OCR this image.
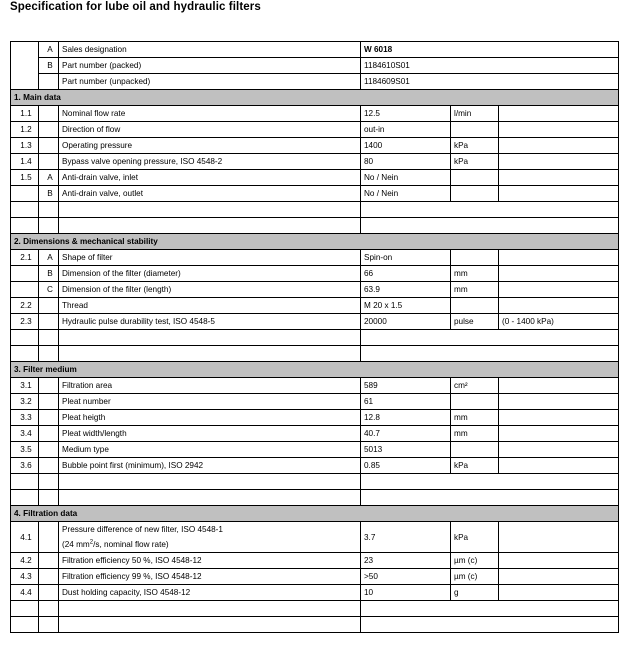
Specification for lube oil and hydraulic filters
	A	Sales designation	W 6018		
	B	Part number (packed)	1184610S01		
		Part number (unpacked)	1184609S01		
1. Main data					
1.1		Nominal flow rate	12.5	l/min	
1.2		Direction of flow	out-in		
1.3		Operating pressure	1400	kPa	
1.4		Bypass valve opening pressure, ISO 4548-2	80	kPa	
1.5	A	Anti-drain valve, inlet	No / Nein		
	B	Anti-drain valve, outlet	No / Nein		

2. Dimensions & mechanical stability					
2.1	A	Shape of filter	Spin-on		
	B	Dimension of the filter (diameter)	66	mm	
	C	Dimension of the filter (length)	63.9	mm	
2.2		Thread	M 20 x 1.5		
2.3		Hydraulic pulse durability test, ISO 4548-5	20000	pulse	(0 - 1400 kPa)

3. Filter medium					
3.1		Filtration area	589	cm²	
3.2		Pleat number	61		
3.3		Pleat heigth	12.8	mm	
3.4		Pleat width/length	40.7	mm	
3.5		Medium type	5013		
3.6		Bubble point first (minimum), ISO 2942	0.85	kPa	

4. Filtration data					
4.1		Pressure difference of new filter, ISO 4548-1
(24 $mm^2/s$, nominal flow rate)	3.7	kPa	
4.2		Filtration efficiency 50 %, ISO 4548-12	23	µm (c)	
4.3		Filtration efficiency 99 %, ISO 4548-12	>50	µm (c)	
4.4		Dust holding capacity, ISO 4548-12	10	g	
